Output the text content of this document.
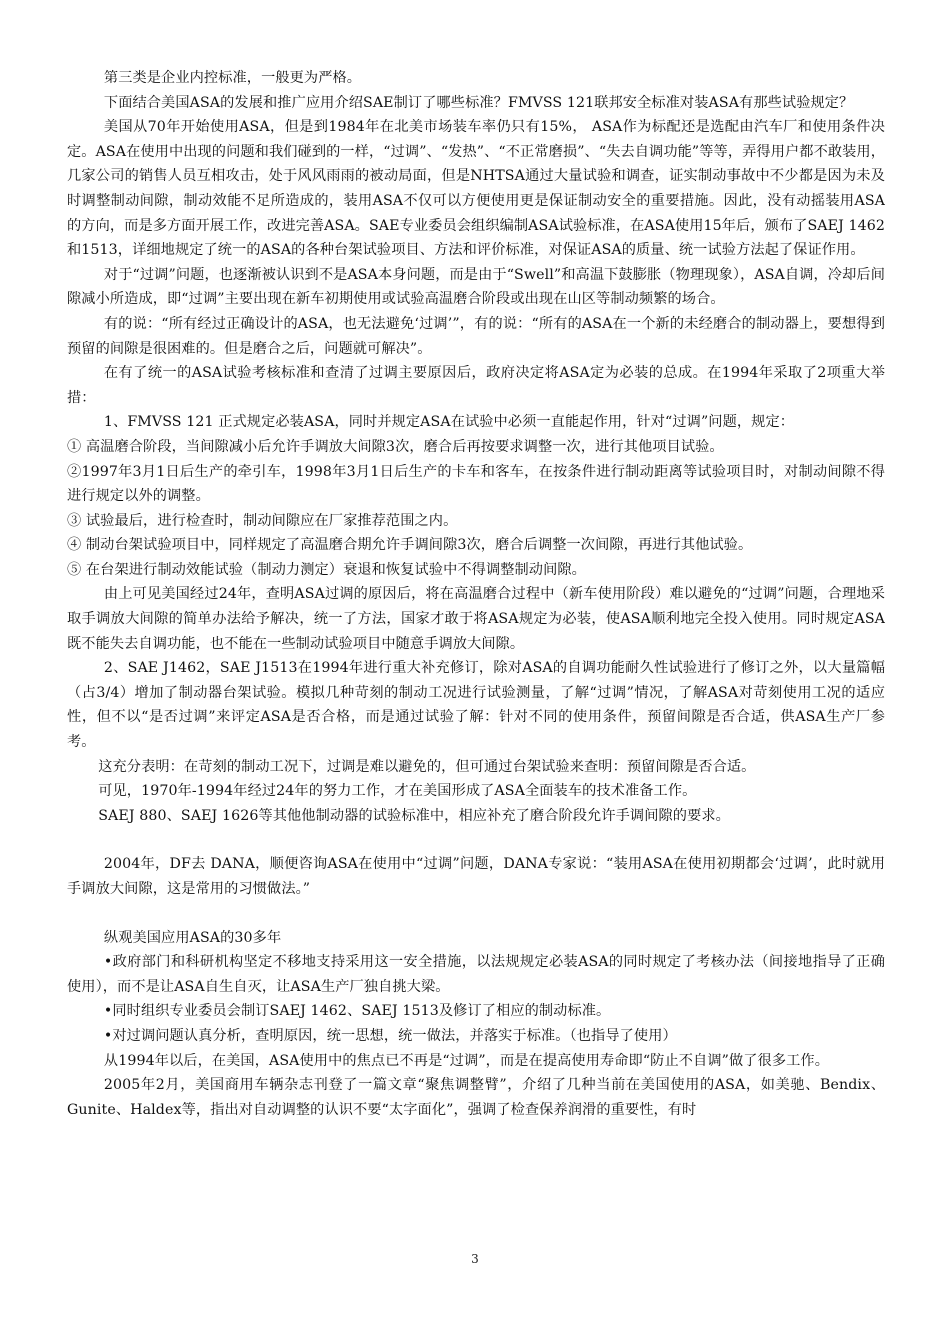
第三类是企业内控标准，一般更为严格。

下面结合美国ASA的发展和推广应用介绍SAE制订了哪些标准？FMVSS 121联邦安全标准对装ASA有那些试验规定？

美国从70年开始使用ASA，但是到1984年在北美市场装车率仍只有15%， ASA作为标配还是选配由汽车厂和使用条件决定。ASA在使用中出现的问题和我们碰到的一样，“过调”、“发热”、“不正常磨损”、“失去自调功能”等等，弄得用户都不敢装用，几家公司的销售人员互相攻击，处于风风雨雨的被动局面，但是NHTSA通过大量试验和调查，证实制动事故中不少都是因为未及时调整制动间隙，制动效能不足所造成的，装用ASA不仅可以方便使用更是保证制动安全的重要措施。因此，没有动摇装用ASA的方向，而是多方面开展工作，改进完善ASA。SAE专业委员会组织编制ASA试验标准，在ASA使用15年后，颁布了SAEJ 1462和1513，详细地规定了统一的ASA的各种台架试验项目、方法和评价标准，对保证ASA的质量、统一试验方法起了保证作用。

对于“过调”问题，也逐渐被认识到不是ASA本身问题，而是由于“Swell”和高温下鼓膨胀（物理现象），ASA自调，冷却后间隙减小所造成，即“过调”主要出现在新车初期使用或试验高温磨合阶段或出现在山区等制动频繁的场合。

有的说：“所有经过正确设计的ASA，也无法避免‘过调’”，有的说：“所有的ASA在一个新的未经磨合的制动器上，要想得到预留的间隙是很困难的。但是磨合之后，问题就可解决”。

在有了统一的ASA试验考核标准和查清了过调主要原因后，政府决定将ASA定为必装的总成。在1994年采取了2项重大举措：

1、FMVSS 121 正式规定必装ASA，同时并规定ASA在试验中必须一直能起作用，针对“过调”问题，规定：

① 高温磨合阶段，当间隙减小后允许手调放大间隙3次，磨合后再按要求调整一次，进行其他项目试验。

②1997年3月1日后生产的牵引车，1998年3月1日后生产的卡车和客车，在按条件进行制动距离等试验项目时，对制动间隙不得进行规定以外的调整。

③ 试验最后，进行检查时，制动间隙应在厂家推荐范围之内。

④ 制动台架试验项目中，同样规定了高温磨合期允许手调间隙3次，磨合后调整一次间隙，再进行其他试验。

⑤ 在台架进行制动效能试验（制动力测定）衰退和恢复试验中不得调整制动间隙。

由上可见美国经过24年，查明ASA过调的原因后，将在高温磨合过程中（新车使用阶段）难以避免的“过调”问题，合理地采取手调放大间隙的简单办法给予解决，统一了方法，国家才敢于将ASA规定为必装，使ASA顺利地完全投入使用。同时规定ASA既不能失去自调功能，也不能在一些制动试验项目中随意手调放大间隙。

2、SAE J1462，SAE J1513在1994年进行重大补充修订，除对ASA的自调功能耐久性试验进行了修订之外，以大量篇幅（占3/4）增加了制动器台架试验。模拟几种苛刻的制动工况进行试验测量，了解“过调”情况，了解ASA对苛刻使用工况的适应性，但不以“是否过调”来评定ASA是否合格，而是通过试验了解：针对不同的使用条件，预留间隙是否合适，供ASA生产厂参考。

这充分表明：在苛刻的制动工况下，过调是难以避免的，但可通过台架试验来查明：预留间隙是否合适。

可见，1970年-1994年经过24年的努力工作，才在美国形成了ASA全面装车的技术准备工作。

SAEJ 880、SAEJ 1626等其他他制动器的试验标准中，相应补充了磨合阶段允许手调间隙的要求。

2004年，DF去 DANA，顺便咨询ASA在使用中“过调”问题，DANA专家说：“装用ASA在使用初期都会‘过调’，此时就用手调放大间隙，这是常用的习惯做法。”

纵观美国应用ASA的30多年

•政府部门和科研机构坚定不移地支持采用这一安全措施，以法规规定必装ASA的同时规定了考核办法（间接地指导了正确使用），而不是让ASA自生自灭，让ASA生产厂独自挑大梁。

•同时组织专业委员会制订SAEJ 1462、SAEJ 1513及修订了相应的制动标准。

•对过调问题认真分析，查明原因，统一思想，统一做法，并落实于标准。（也指导了使用）

从1994年以后，在美国，ASA使用中的焦点已不再是“过调”，而是在提高使用寿命即“防止不自调”做了很多工作。

2005年2月，美国商用车辆杂志刊登了一篇文章“聚焦调整臂”，介绍了几种当前在美国使用的ASA，如美驰、Bendix、Gunite、Haldex等，指出对自动调整的认识不要“太字面化”，强调了检查保养润滑的重要性，有时

3
